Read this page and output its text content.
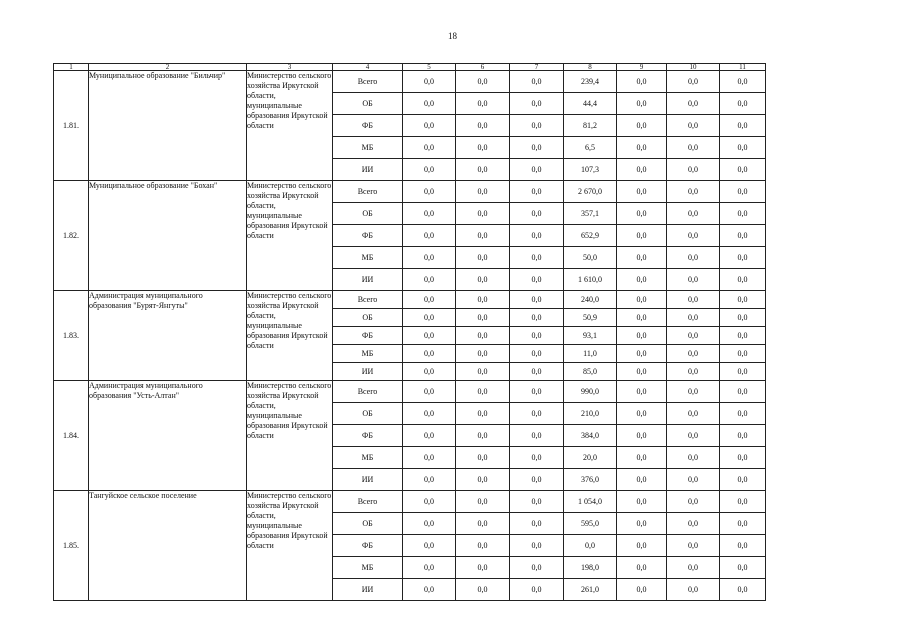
18
1	2	3	4	5	6	7	8	9	10	11
1.81.	Муниципальное образование "Бильчир"	Министерство сельского хозяйства Иркутской области, муниципальные образования Иркутской области	Всего	0,0	0,0	0,0	239,4	0,0	0,0	0,0
			ОБ	0,0	0,0	0,0	44,4	0,0	0,0	0,0
			ФБ	0,0	0,0	0,0	81,2	0,0	0,0	0,0
			МБ	0,0	0,0	0,0	6,5	0,0	0,0	0,0
			ИИ	0,0	0,0	0,0	107,3	0,0	0,0	0,0
1.82.	Муниципальное образование "Бохан"	Министерство сельского хозяйства Иркутской области, муниципальные образования Иркутской области	Всего	0,0	0,0	0,0	2 670,0	0,0	0,0	0,0
			ОБ	0,0	0,0	0,0	357,1	0,0	0,0	0,0
			ФБ	0,0	0,0	0,0	652,9	0,0	0,0	0,0
			МБ	0,0	0,0	0,0	50,0	0,0	0,0	0,0
			ИИ	0,0	0,0	0,0	1 610,0	0,0	0,0	0,0
1.83.	Администрация муниципального образования "Бурят-Янгуты"	Министерство сельского хозяйства Иркутской области, муниципальные образования Иркутской области	Всего	0,0	0,0	0,0	240,0	0,0	0,0	0,0
			ОБ	0,0	0,0	0,0	50,9	0,0	0,0	0,0
			ФБ	0,0	0,0	0,0	93,1	0,0	0,0	0,0
			МБ	0,0	0,0	0,0	11,0	0,0	0,0	0,0
			ИИ	0,0	0,0	0,0	85,0	0,0	0,0	0,0
1.84.	Администрация муниципального образования "Усть-Алтан"	Министерство сельского хозяйства Иркутской области, муниципальные образования Иркутской области	Всего	0,0	0,0	0,0	990,0	0,0	0,0	0,0
			ОБ	0,0	0,0	0,0	210,0	0,0	0,0	0,0
			ФБ	0,0	0,0	0,0	384,0	0,0	0,0	0,0
			МБ	0,0	0,0	0,0	20,0	0,0	0,0	0,0
			ИИ	0,0	0,0	0,0	376,0	0,0	0,0	0,0
1.85.	Тангуйское сельское поселение	Министерство сельского хозяйства Иркутской области, муниципальные образования Иркутской области	Всего	0,0	0,0	0,0	1 054,0	0,0	0,0	0,0
			ОБ	0,0	0,0	0,0	595,0	0,0	0,0	0,0
			ФБ	0,0	0,0	0,0	0,0	0,0	0,0	0,0
			МБ	0,0	0,0	0,0	198,0	0,0	0,0	0,0
			ИИ	0,0	0,0	0,0	261,0	0,0	0,0	0,0
